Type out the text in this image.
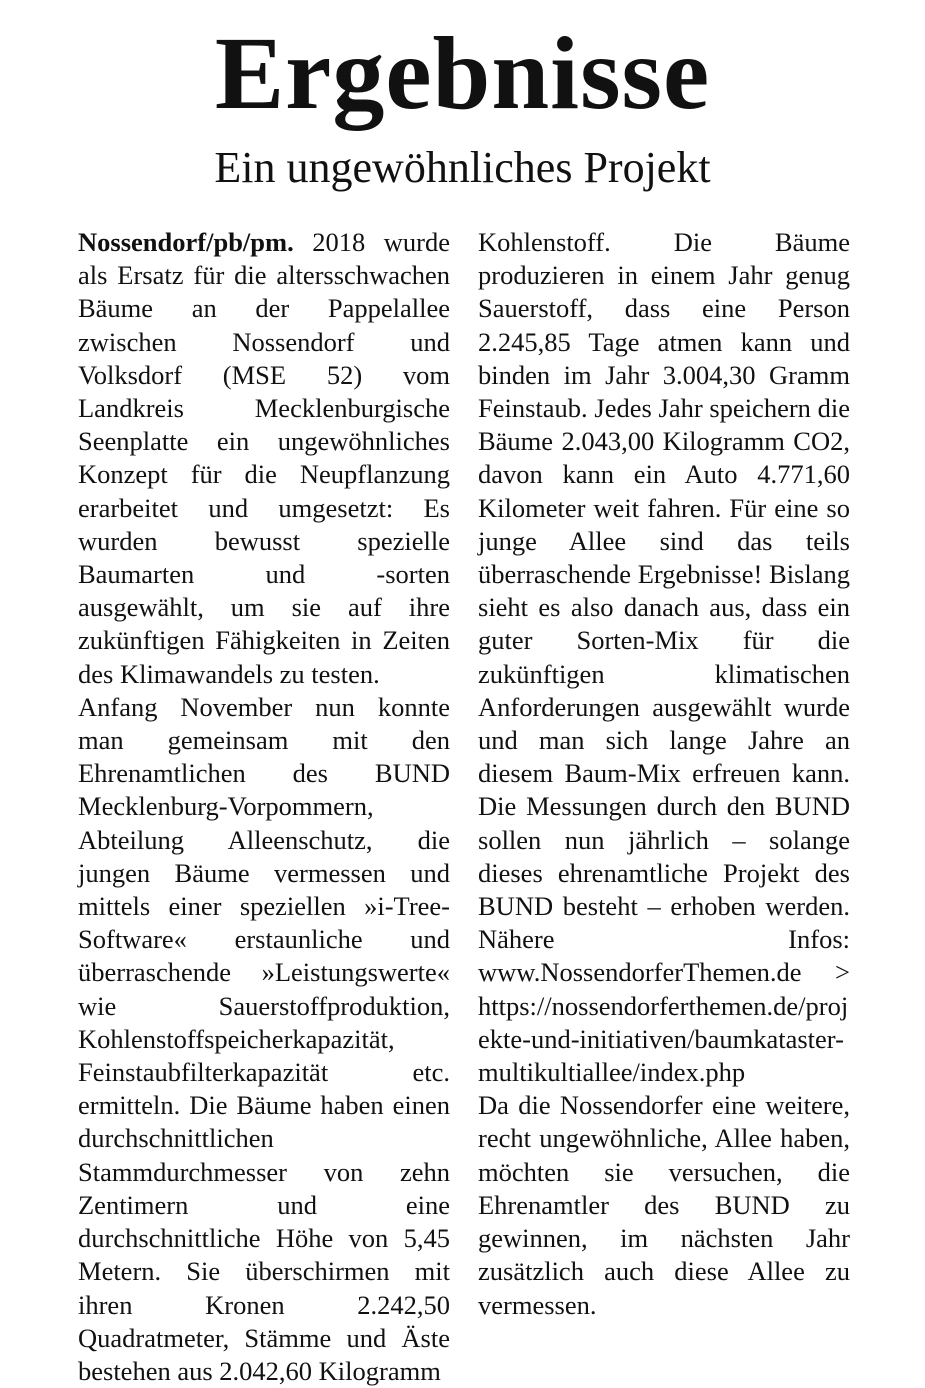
Ergebnisse
Ein ungewöhnliches Projekt

Nossendorf/pb/pm. 2018 wurde als Ersatz für die altersschwachen Bäume an der Pappelallee zwischen Nossendorf und Volksdorf (MSE 52) vom Landkreis Mecklenburgische Seenplatte ein ungewöhnliches Konzept für die Neupflanzung erarbeitet und umgesetzt: Es wurden bewusst spezielle Baumarten und -sorten ausgewählt, um sie auf ihre zukünftigen Fähigkeiten in Zeiten des Klimawandels zu testen.

Anfang November nun konnte man gemeinsam mit den Ehrenamtlichen des BUND Mecklenburg-Vorpommern, Abteilung Alleenschutz, die jungen Bäume vermessen und mittels einer speziellen »i-Tree-Software« erstaunliche und überraschende »Leistungswerte« wie Sauerstoffproduktion, Kohlenstoffspeicherkapazität, Feinstaubfilterkapazität etc. ermitteln. Die Bäume haben einen durchschnittlichen Stammdurchmesser von zehn Zentimern und eine durchschnittliche Höhe von 5,45 Metern. Sie überschirmen mit ihren Kronen 2.242,50 Quadratmeter, Stämme und Äste bestehen aus 2.042,60 Kilogramm

Kohlenstoff. Die Bäume produzieren in einem Jahr genug Sauerstoff, dass eine Person 2.245,85 Tage atmen kann und binden im Jahr 3.004,30 Gramm Feinstaub. Jedes Jahr speichern die Bäume 2.043,00 Kilogramm CO2, davon kann ein Auto 4.771,60 Kilometer weit fahren. Für eine so junge Allee sind das teils überraschende Ergebnisse! Bislang sieht es also danach aus, dass ein guter Sorten-Mix für die zukünftigen klimatischen Anforderungen ausgewählt wurde und man sich lange Jahre an diesem Baum-Mix erfreuen kann. Die Messungen durch den BUND sollen nun jährlich – solange dieses ehrenamtliche Projekt des BUND besteht – erhoben werden. Nähere Infos: www.NossendorferThemen.de > https://nossendorferthemen.de/projekte-und-initiativen/baumkataster-multikultiallee/index.php

Da die Nossendorfer eine weitere, recht ungewöhnliche, Allee haben, möchten sie versuchen, die Ehrenamtler des BUND zu gewinnen, im nächsten Jahr zusätzlich auch diese Allee zu vermessen.
